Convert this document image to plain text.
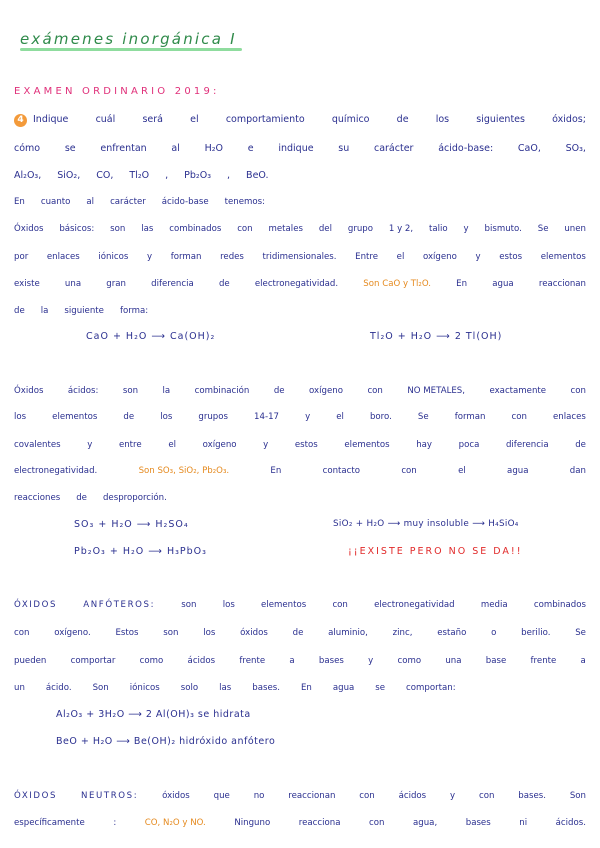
exámenes inorgánica I
EXAMEN ORDINARIO 2019:
4 Indique	cuál	será	el	comportamiento	químico	de	los	siguientes	óxidos;
cómo	se	enfrentan	al	H₂O	e	indique	su	carácter	ácido-base:	CaO,	SO₃,
Al₂O₃, SiO₂, CO, Tl₂O , Pb₂O₃ , BeO.
En cuanto al carácter ácido-base tenemos:
Óxidos básicos: son las combinados con metales del grupo 1 y 2, talio y bismuto. Se unen
por enlaces iónicos y forman redes tridimensionales. Entre el oxígeno y estos elementos
existe	una	gran	diferencia	de	electronegatividad.	Son CaO y Tl₂O.	En	agua	reaccionan
de la siguiente forma:
CaO + H₂O ⟶ Ca(OH)₂	Tl₂O + H₂O ⟶ 2 Tl(OH)
Óxidos	ácidos:	son	la	combinación	de	oxígeno	con	NO METALES,	exactamente	con
los	elementos	de	los	grupos	14-17	y	el	boro.	Se	forman	con	enlaces
covalentes	y	entre	el	oxígeno	y	estos	elementos	hay	poca	diferencia	de
electronegatividad.	Son SO₃, SiO₂, Pb₂O₃.	En	contacto	con	el	agua	dan
reacciones de desproporción.
SO₃ + H₂O ⟶ H₂SO₄	SiO₂ + H₂O ⟶ muy insoluble ⟶ H₄SiO₄
Pb₂O₃ + H₂O ⟶ H₃PbO₃	¡¡EXISTE PERO NO SE DA!!
ÓXIDOS	ANFÓTEROS:	son	los	elementos	con	electronegatividad	media	combinados
con	oxígeno.	Estos	son	los	óxidos	de	aluminio,	zinc,	estaño	o	berilio.	Se
pueden	comportar	como	ácidos	frente	a	bases	y	como	una	base	frente	a
un ácido. Son iónicos solo las bases. En agua se comportan:
Al₂O₃ + 3H₂O ⟶ 2 Al(OH)₃ se hidrata
BeO + H₂O ⟶ Be(OH)₂ hidróxido anfótero
ÓXIDOS	NEUTROS:	óxidos	que	no	reaccionan	con	ácidos	y	con	bases.	Son
específicamente	:	CO, N₂O y NO.	Ninguno	reacciona	con	agua,	bases	ni	ácidos.
